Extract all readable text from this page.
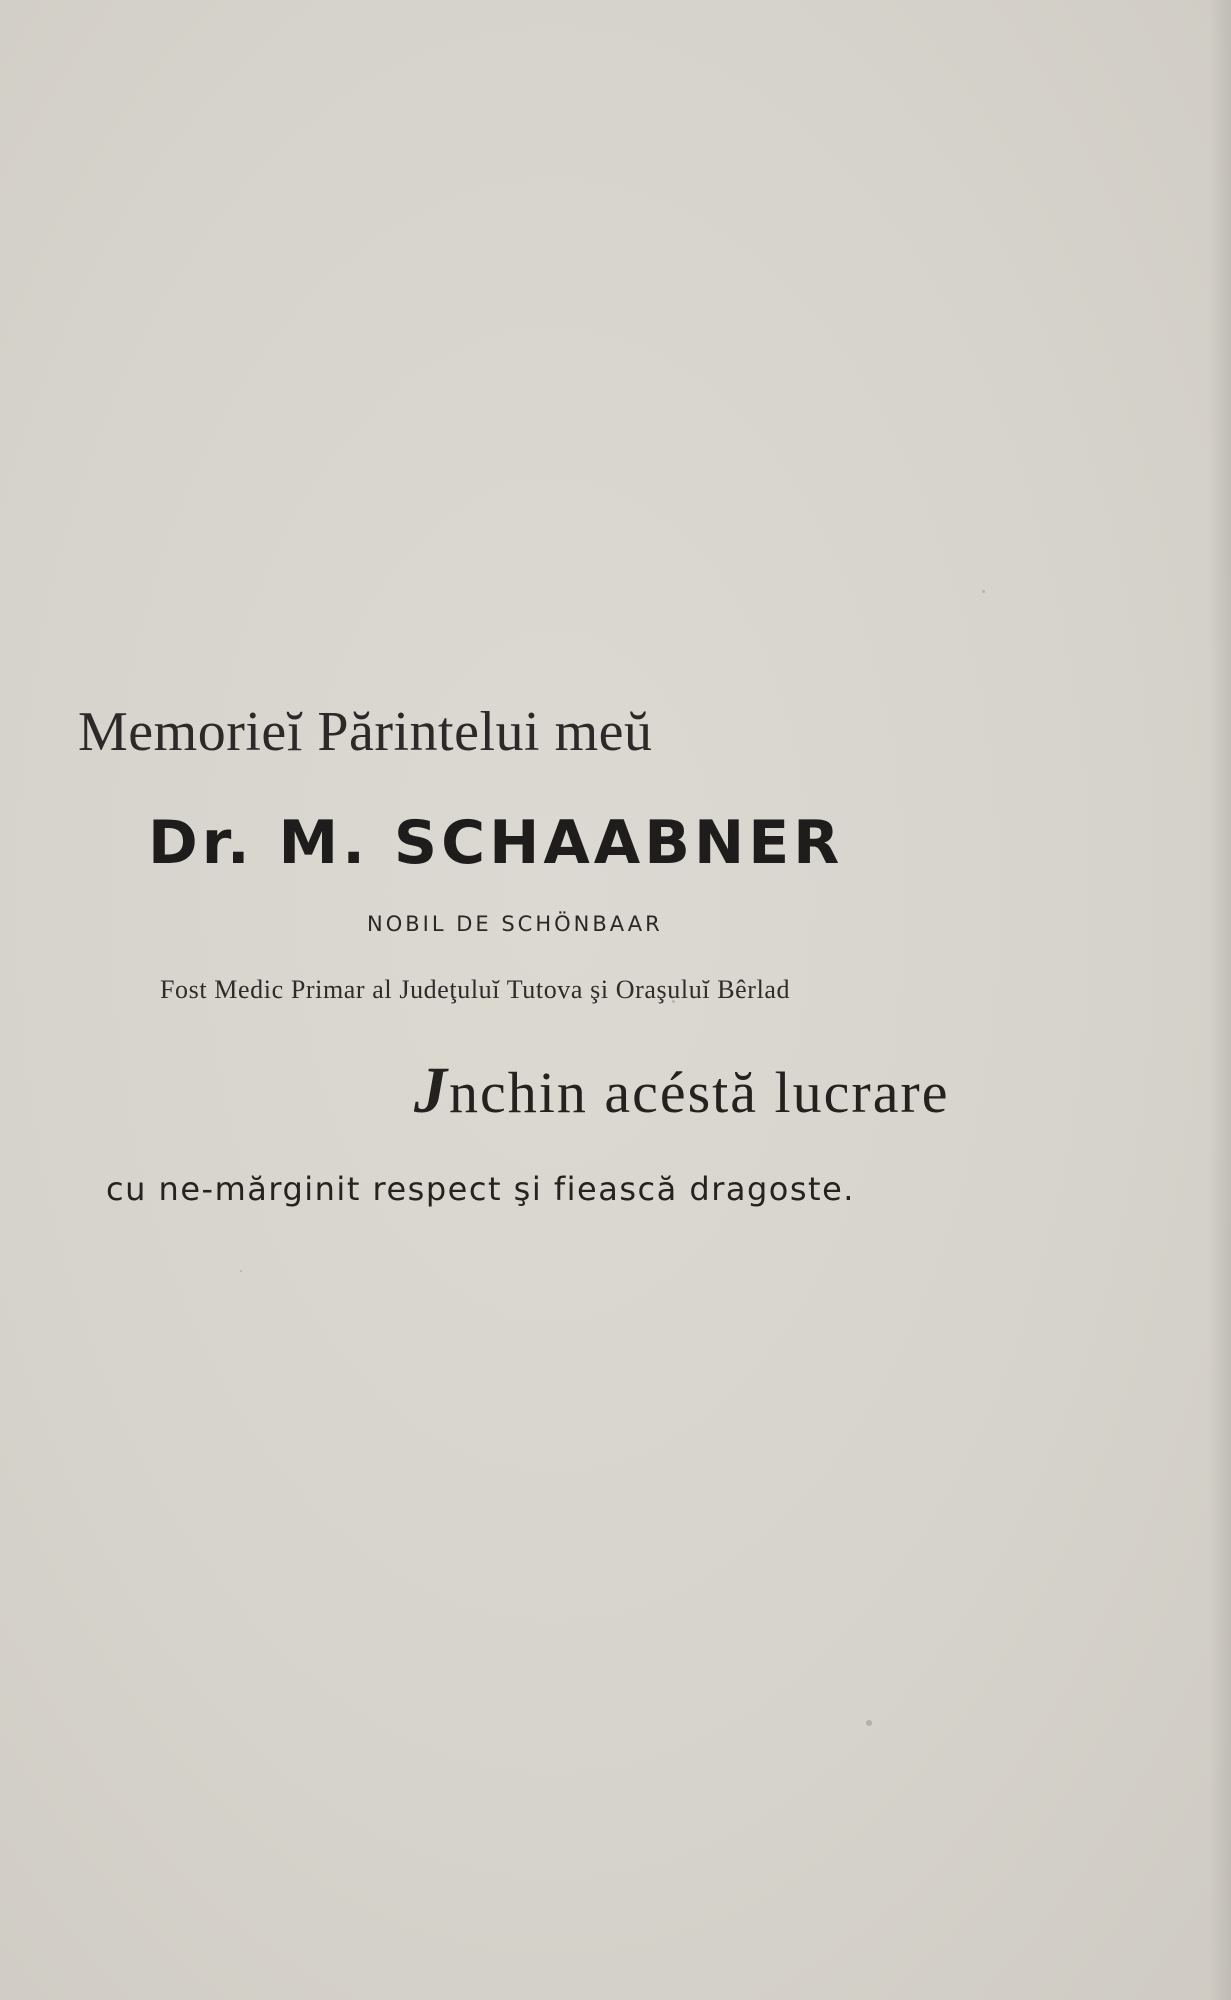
Memorieĭ Părintelui meŭ

Dr. M. SCHAABNER

NOBIL DE SCHÖNBAAR

Fost Medic Primar al Judeţuluĭ Tutova şi Oraşuluĭ Bêrlad

Jnchin acéstă lucrare

cu ne-mărginit respect şi fiească dragoste.
